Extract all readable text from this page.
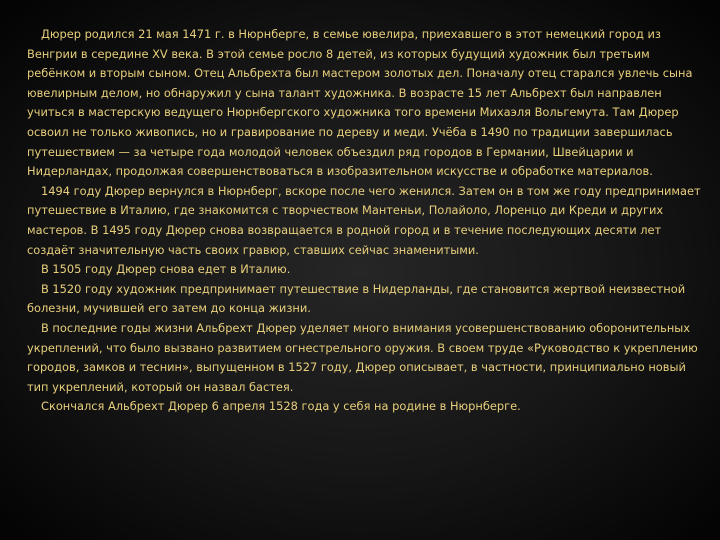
Дюрер родился 21 мая 1471 г. в Нюрнберге, в семье ювелира, приехавшего в этот немецкий город из Венгрии в середине XV века. В этой семье росло 8 детей, из которых будущий художник был третьим ребёнком и вторым сыном. Отец Альбрехта был мастером золотых дел. Поначалу отец старался увлечь сына ювелирным делом, но обнаружил у сына талант художника. В возрасте 15 лет Альбрехт был направлен учиться в мастерскую ведущего Нюрнбергского художника того времени Михаэля Вольгемута. Там Дюрер освоил не только живопись, но и гравирование по дереву и меди. Учёба в 1490 по традиции завершилась путешествием — за четыре года молодой человек объездил ряд городов в Германии, Швейцарии и Нидерландах, продолжая совершенствоваться в изобразительном искусстве и обработке материалов.
1494 году Дюрер вернулся в Нюрнберг, вскоре после чего женился. Затем он в том же году предпринимает путешествие в Италию, где знакомится с творчеством Мантеньи, Полайоло, Лоренцо ди Креди и других мастеров. В 1495 году Дюрер снова возвращается в родной город и в течение последующих десяти лет создаёт значительную часть своих гравюр, ставших сейчас знаменитыми.
В 1505 году Дюрер снова едет в Италию.
В 1520 году художник предпринимает путешествие в Нидерланды, где становится жертвой неизвестной болезни, мучившей его затем до конца жизни.
В последние годы жизни Альбрехт Дюрер уделяет много внимания усовершенствованию оборонительных укреплений, что было вызвано развитием огнестрельного оружия. В своем труде «Руководство к укреплению городов, замков и теснин», выпущенном в 1527 году, Дюрер описывает, в частности, принципиально новый тип укреплений, который он назвал бастея.
Скончался Альбрехт Дюрер 6 апреля 1528 года у себя на родине в Нюрнберге.
